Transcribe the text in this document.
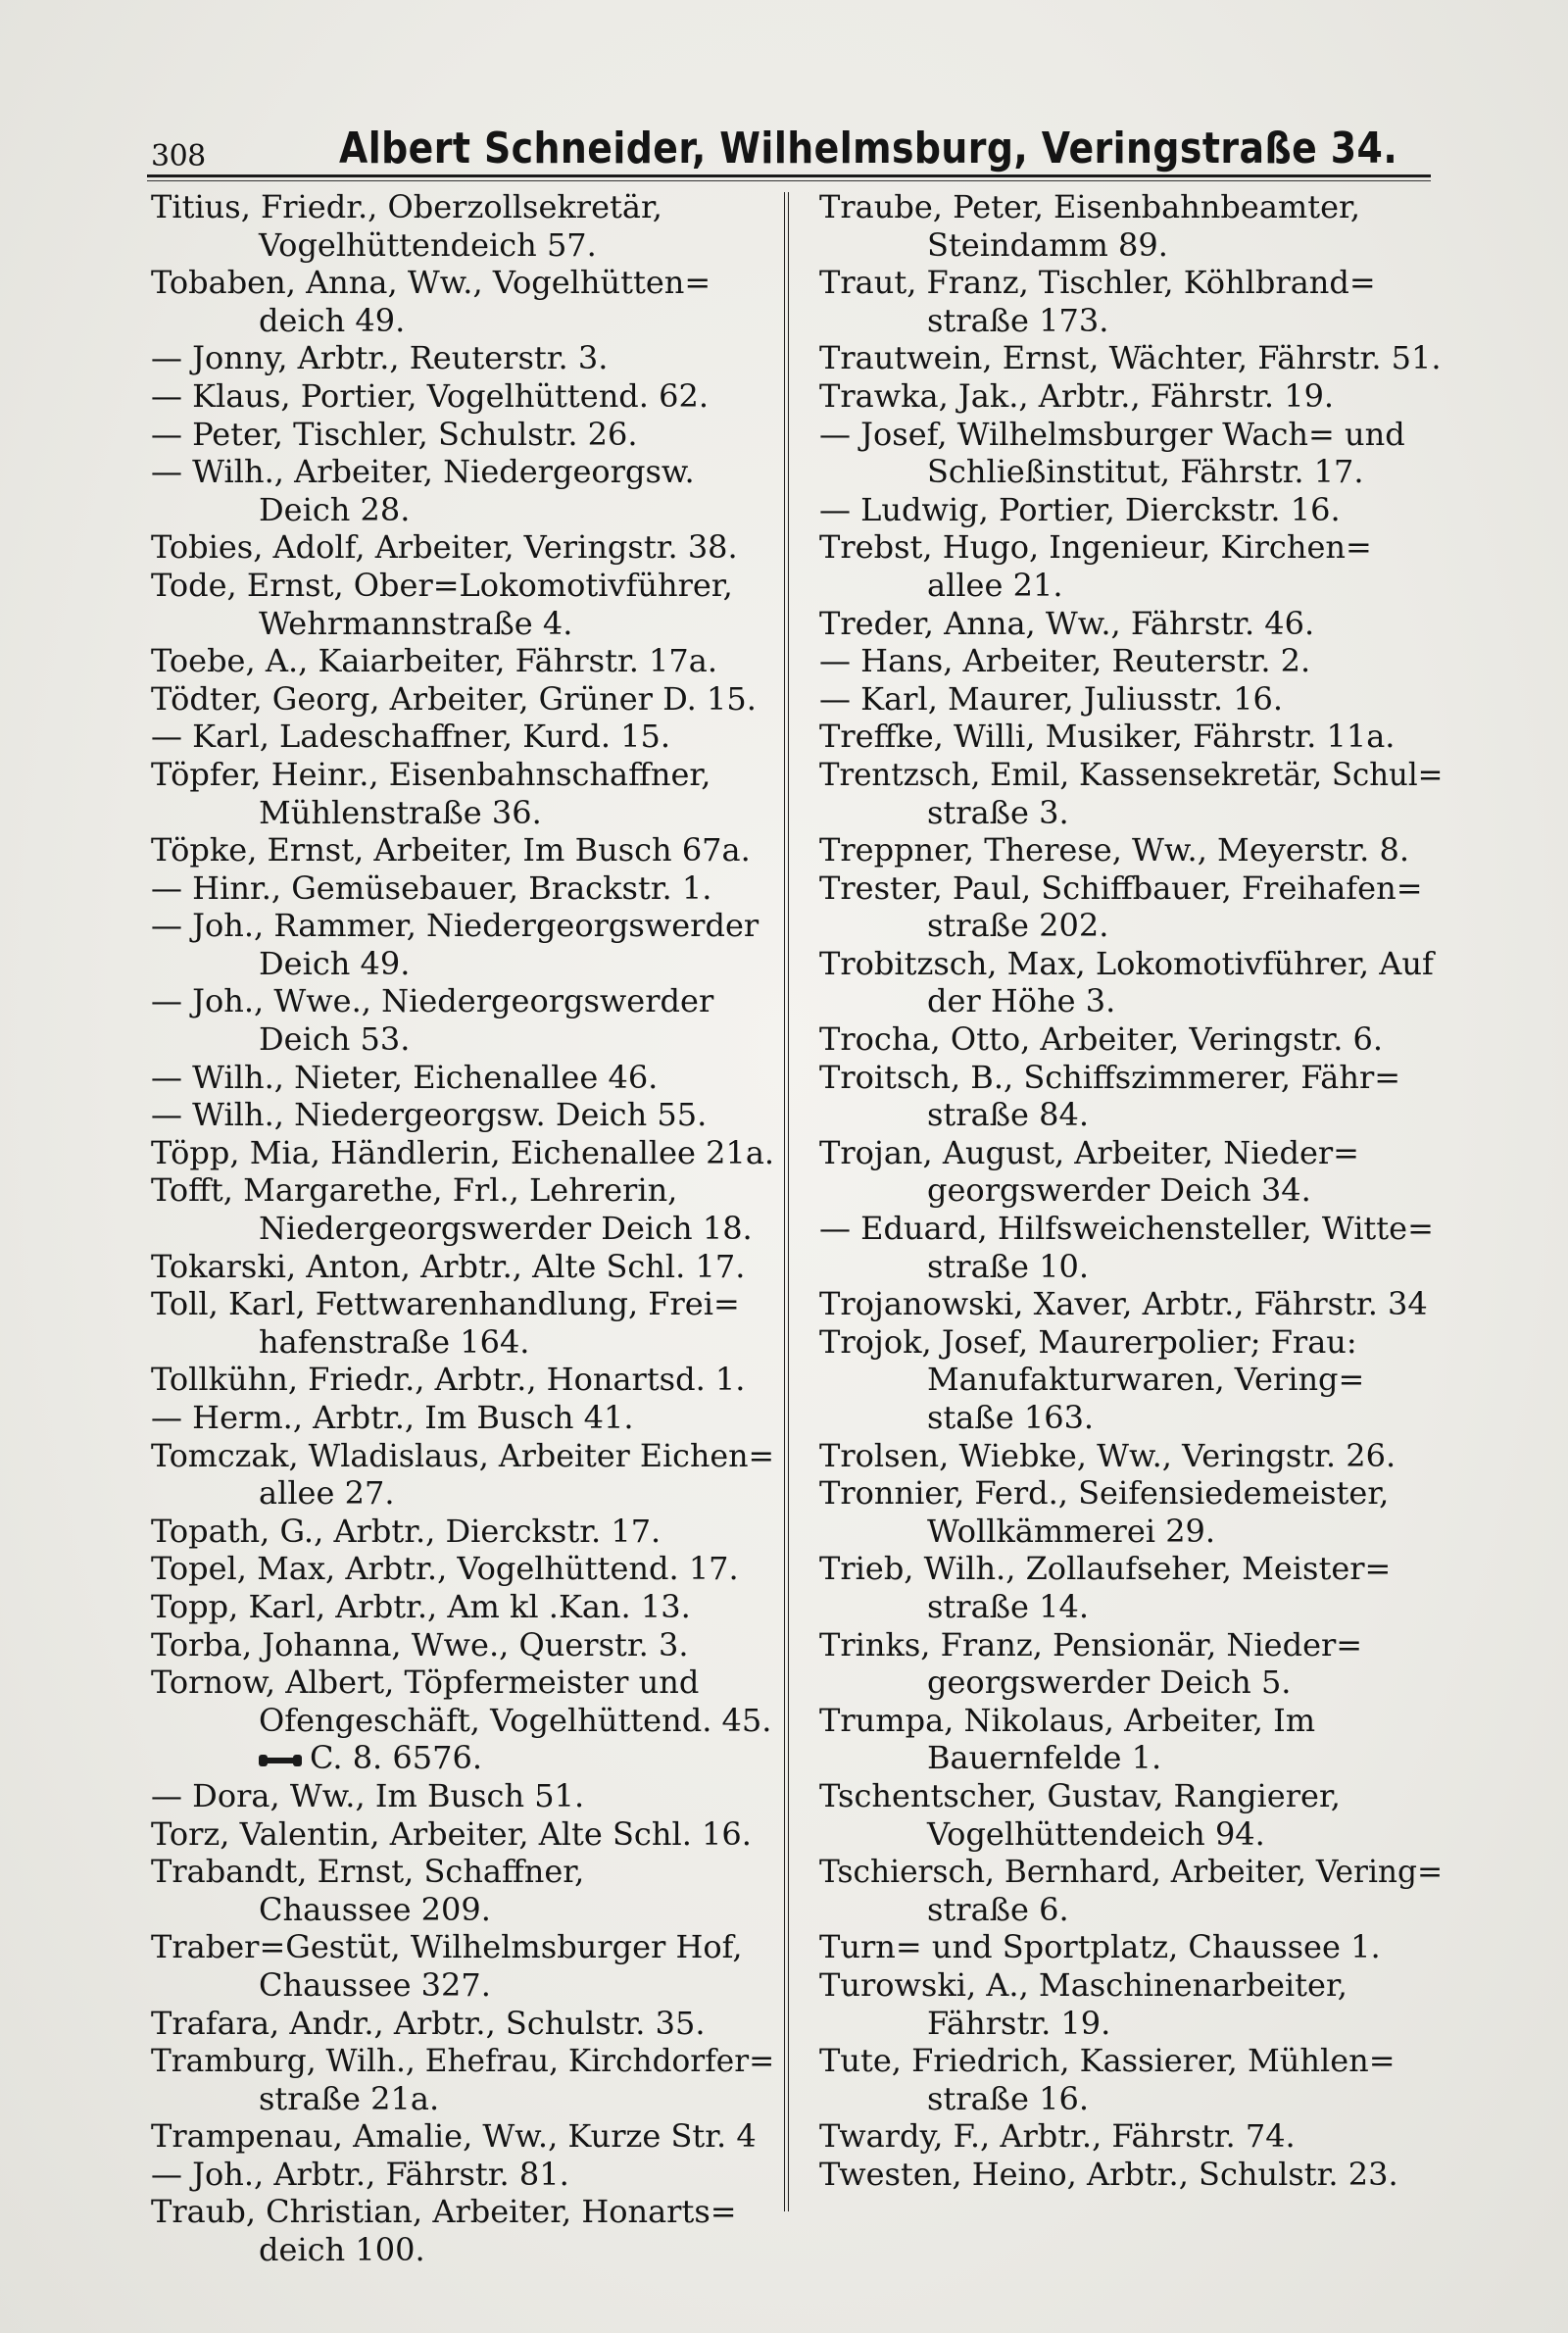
308	Albert Schneider, Wilhelmsburg, Veringstraße 34.
Titius, Friedr., Oberzollsekretär,
Vogelhüttendeich 57.
Tobaben, Anna, Ww., Vogelhütten=
deich 49.
— Jonny, Arbtr., Reuterstr. 3.
— Klaus, Portier, Vogelhüttend. 62.
— Peter, Tischler, Schulstr. 26.
— Wilh., Arbeiter, Niedergeorgsw.
Deich 28.
Tobies, Adolf, Arbeiter, Veringstr. 38.
Tode, Ernst, Ober=Lokomotivführer,
Wehrmannstraße 4.
Toebe, A., Kaiarbeiter, Fährstr. 17a.
Tödter, Georg, Arbeiter, Grüner D. 15.
— Karl, Ladeschaffner, Kurd. 15.
Töpfer, Heinr., Eisenbahnschaffner,
Mühlenstraße 36.
Töpke, Ernst, Arbeiter, Im Busch 67a.
— Hinr., Gemüsebauer, Brackstr. 1.
— Joh., Rammer, Niedergeorgswerder
Deich 49.
— Joh., Wwe., Niedergeorgswerder
Deich 53.
— Wilh., Nieter, Eichenallee 46.
— Wilh., Niedergeorgsw. Deich 55.
Töpp, Mia, Händlerin, Eichenallee 21a.
Tofft, Margarethe, Frl., Lehrerin,
Niedergeorgswerder Deich 18.
Tokarski, Anton, Arbtr., Alte Schl. 17.
Toll, Karl, Fettwarenhandlung, Frei=
hafenstraße 164.
Tollkühn, Friedr., Arbtr., Honartsd. 1.
— Herm., Arbtr., Im Busch 41.
Tomczak, Wladislaus, Arbeiter Eichen=
allee 27.
Topath, G., Arbtr., Dierckstr. 17.
Topel, Max, Arbtr., Vogelhüttend. 17.
Topp, Karl, Arbtr., Am kl .Kan. 13.
Torba, Johanna, Wwe., Querstr. 3.
Tornow, Albert, Töpfermeister und
Ofengeschäft, Vogelhüttend. 45.
C. 8. 6576.
— Dora, Ww., Im Busch 51.
Torz, Valentin, Arbeiter, Alte Schl. 16.
Trabandt, Ernst, Schaffner,
Chaussee 209.
Traber=Gestüt, Wilhelmsburger Hof,
Chaussee 327.
Trafara, Andr., Arbtr., Schulstr. 35.
Tramburg, Wilh., Ehefrau, Kirchdorfer=
straße 21a.
Trampenau, Amalie, Ww., Kurze Str. 4
— Joh., Arbtr., Fährstr. 81.
Traub, Christian, Arbeiter, Honarts=
deich 100.
Traube, Peter, Eisenbahnbeamter,
Steindamm 89.
Traut, Franz, Tischler, Köhlbrand=
straße 173.
Trautwein, Ernst, Wächter, Fährstr. 51.
Trawka, Jak., Arbtr., Fährstr. 19.
— Josef, Wilhelmsburger Wach= und
Schließinstitut, Fährstr. 17.
— Ludwig, Portier, Dierckstr. 16.
Trebst, Hugo, Ingenieur, Kirchen=
allee 21.
Treder, Anna, Ww., Fährstr. 46.
— Hans, Arbeiter, Reuterstr. 2.
— Karl, Maurer, Juliusstr. 16.
Treffke, Willi, Musiker, Fährstr. 11a.
Trentzsch, Emil, Kassensekretär, Schul=
straße 3.
Treppner, Therese, Ww., Meyerstr. 8.
Trester, Paul, Schiffbauer, Freihafen=
straße 202.
Trobitzsch, Max, Lokomotivführer, Auf
der Höhe 3.
Trocha, Otto, Arbeiter, Veringstr. 6.
Troitsch, B., Schiffszimmerer, Fähr=
straße 84.
Trojan, August, Arbeiter, Nieder=
georgswerder Deich 34.
— Eduard, Hilfsweichensteller, Witte=
straße 10.
Trojanowski, Xaver, Arbtr., Fährstr. 34
Trojok, Josef, Maurerpolier; Frau:
Manufakturwaren, Vering=
staße 163.
Trolsen, Wiebke, Ww., Veringstr. 26.
Tronnier, Ferd., Seifensiedemeister,
Wollkämmerei 29.
Trieb, Wilh., Zollaufseher, Meister=
straße 14.
Trinks, Franz, Pensionär, Nieder=
georgswerder Deich 5.
Trumpa, Nikolaus, Arbeiter, Im
Bauernfelde 1.
Tschentscher, Gustav, Rangierer,
Vogelhüttendeich 94.
Tschiersch, Bernhard, Arbeiter, Vering=
straße 6.
Turn= und Sportplatz, Chaussee 1.
Turowski, A., Maschinenarbeiter,
Fährstr. 19.
Tute, Friedrich, Kassierer, Mühlen=
straße 16.
Twardy, F., Arbtr., Fährstr. 74.
Twesten, Heino, Arbtr., Schulstr. 23.
